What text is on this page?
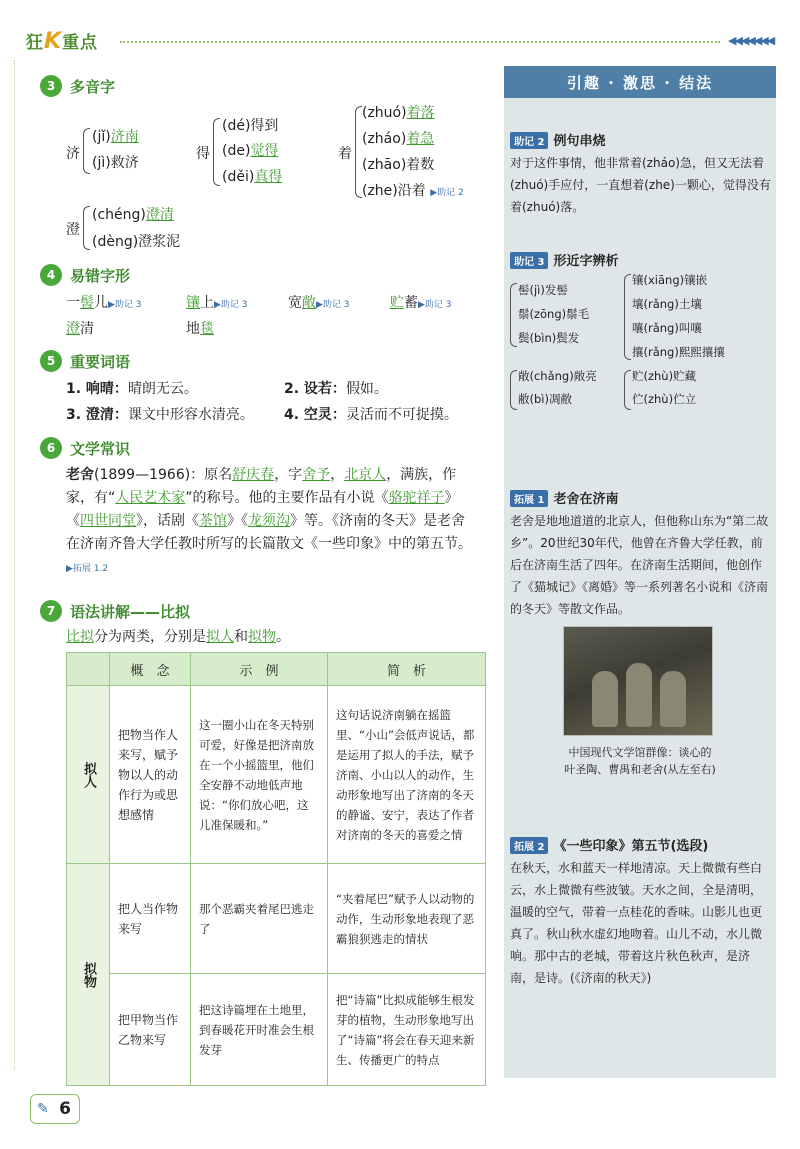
狂K重点	◀◀◀◀◀◀◀
3 多音字
济
(jǐ)济南
(jì)救济
得
(dé)得到
(de)觉得
(děi)真得
着
(zhuó)着落
(zháo)着急
(zhāo)着数
(zhe)沿着 ▶助记 2
澄
(chéng)澄清
(dèng)澄浆泥
4 易错字形
一髻儿▶助记 3	镶上▶助记 3	宽敞▶助记 3	贮蓄▶助记 3
澄清	地毯
5 重要词语
1. 响晴：晴朗无云。	2. 设若：假如。
3. 澄清：课文中形容水清亮。 4. 空灵：灵活而不可捉摸。
6 文学常识
老舍(1899—1966)：原名舒庆春，字舍予，北京人，满族，作家，有“人民艺术家”的称号。他的主要作品有小说《骆驼祥子》《四世同堂》，话剧《茶馆》《龙须沟》等。《济南的冬天》是老舍在济南齐鲁大学任教时所写的长篇散文《一些印象》中的第五节。▶拓展 1.2
7 语法讲解——比拟
比拟分为两类，分别是拟人和拟物。
	概　念	示　例	简　析
拟人	把物当作人来写，赋予物以人的动作行为或思想感情	这一圈小山在冬天特别可爱，好像是把济南放在一个小摇篮里，他们全安静不动地低声地说：“你们放心吧，这儿准保暖和。”	这句话说济南躺在摇篮里、“小山”会低声说话，都是运用了拟人的手法，赋予济南、小山以人的动作，生动形象地写出了济南的冬天的静谧、安宁，表达了作者对济南的冬天的喜爱之情
拟物	把人当作物来写	那个恶霸夹着尾巴逃走了	“夹着尾巴”赋予人以动物的动作，生动形象地表现了恶霸狼狈逃走的情状
	把甲物当作乙物来写	把这诗篇埋在土地里，到春暖花开时准会生根发芽	把“诗篇”比拟成能够生根发芽的植物，生动形象地写出了“诗篇”将会在春天迎来新生、传播更广的特点
引趣 · 激思 · 结法
助记 2 例句串烧
对于这件事情，他非常着(zháo)急，但又无法着(zhuó)手应付，一直想着(zhe)一颗心，觉得没有着(zhuó)落。
助记 3 形近字辨析
髻(jì)发髻
鬃(zōng)鬃毛
鬓(bìn)鬓发
镶(xiāng)镶嵌
壤(rǎng)土壤
嚷(rǎng)叫嚷
攘(rǎng)熙熙攘攘
敞(chǎng)敞亮
敝(bì)凋敝
贮(zhù)贮藏
伫(zhù)伫立
拓展 1 老舍在济南
老舍是地地道道的北京人，但他称山东为“第二故乡”。20世纪30年代，他曾在齐鲁大学任教，前后在济南生活了四年。在济南生活期间，他创作了《猫城记》《离婚》等一系列著名小说和《济南的冬天》等散文作品。
中国现代文学馆群像：谈心的
叶圣陶、曹禺和老舍(从左至右)
拓展 2 《一些印象》第五节(选段)
在秋天，水和蓝天一样地清凉。天上微微有些白云，水上微微有些波皱。天水之间，全是清明，温暖的空气，带着一点桂花的香味。山影儿也更真了。秋山秋水虚幻地吻着。山儿不动，水儿微响。那中古的老城，带着这片秋色秋声，是济南，是诗。(《济南的秋天》)
✎ 6
